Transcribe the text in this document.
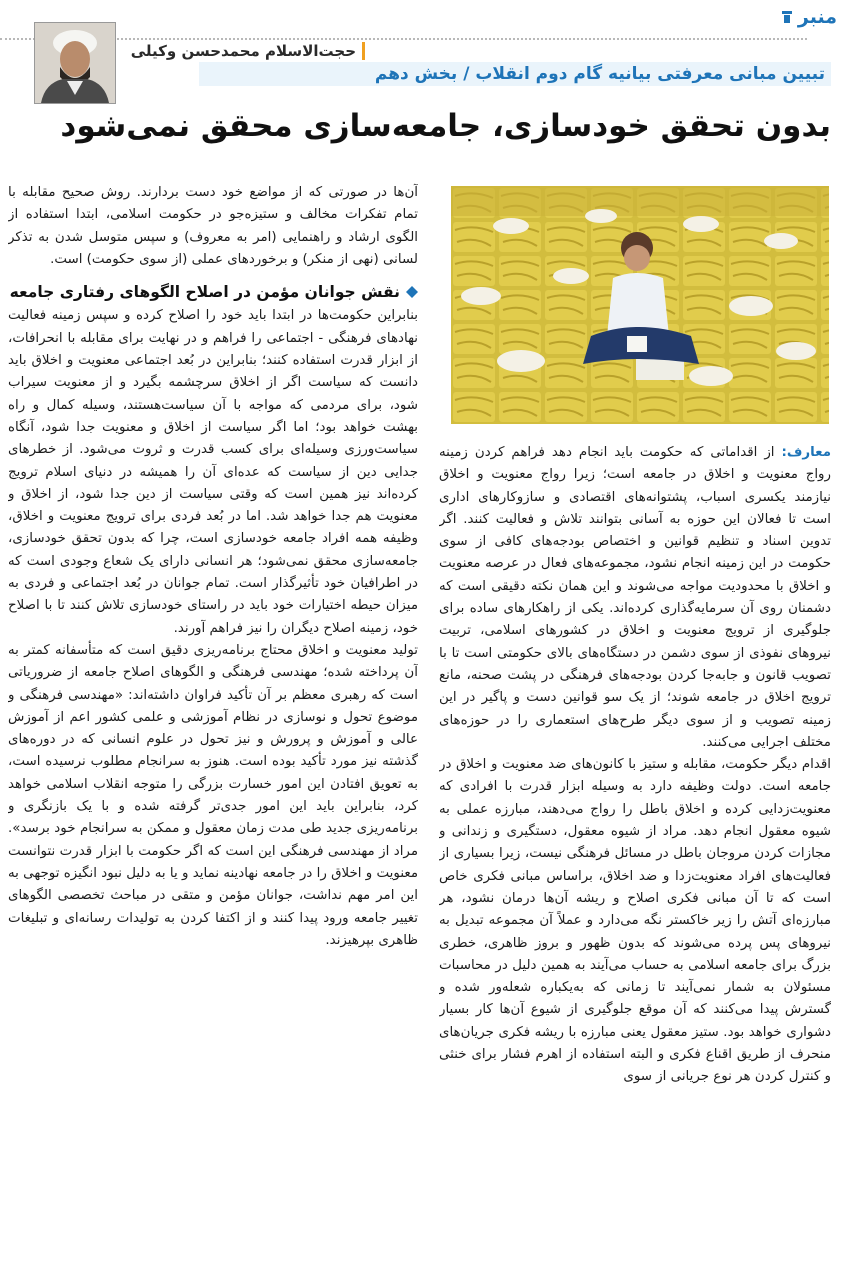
منبر
حجت‌الاسلام محمدحسن وکیلی
تبیین مبانی معرفتی بیانیه گام دوم انقلاب / بخش دهم
بدون تحقق خودسازی، جامعه‌سازی محقق نمی‌شود

معارف: از اقداماتی که حکومت باید انجام دهد فراهم کردن زمینه رواج معنویت و اخلاق در جامعه است؛ زیرا رواج معنویت و اخلاق نیازمند یکسری اسباب، پشتوانه‌های اقتصادی و سازوکارهای اداری است تا فعالان این حوزه به آسانی بتوانند تلاش و فعالیت کنند. اگر تدوین اسناد و تنظیم قوانین و اختصاص بودجه‌های کافی از سوی حکومت در این زمینه انجام نشود، مجموعه‌های فعال در عرصه معنویت و اخلاق با محدودیت مواجه می‌شوند و این همان نکته دقیقی است که دشمنان روی آن سرمایه‌گذاری کرده‌اند. یکی از راهکارهای ساده برای جلوگیری از ترویج معنویت و اخلاق در کشورهای اسلامی، تربیت نیروهای نفوذی از سوی دشمن در دستگاه‌های بالای حکومتی است تا با تصویب قانون و جابه‌جا کردن بودجه‌های فرهنگی در پشت صحنه، مانع ترویج اخلاق در جامعه شوند؛ از یک سو قوانین دست و پاگیر در این زمینه تصویب و از سوی دیگر طرح‌های استعماری را در حوزه‌های مختلف اجرایی می‌کنند.

اقدام دیگر حکومت، مقابله و ستیز با کانون‌های ضد معنویت و اخلاق در جامعه است. دولت وظیفه دارد به وسیله ابزار قدرت با افرادی که معنویت‌زدایی کرده و اخلاق باطل را رواج می‌دهند، مبارزه عملی به شیوه معقول انجام دهد. مراد از شیوه معقول، دستگیری و زندانی و مجازات کردن مروجان باطل در مسائل فرهنگی نیست، زیرا بسیاری از فعالیت‌های افراد معنویت‌زدا و ضد اخلاق، براساس مبانی فکری خاص است که تا آن مبانی فکری اصلاح و ریشه آن‌ها درمان نشود، هر مبارزه‌ای آتش را زیر خاکستر نگه می‌دارد و عملاً آن مجموعه تبدیل به نیروهای پس پرده می‌شوند که بدون ظهور و بروز ظاهری، خطری بزرگ برای جامعه اسلامی به حساب می‌آیند به همین دلیل در محاسبات مسئولان به شمار نمی‌آیند تا زمانی که به‌یکباره شعله‌ور شده و گسترش پیدا می‌کنند که آن موقع جلوگیری از شیوع آن‌ها کار بسیار دشواری خواهد بود. ستیز معقول یعنی مبارزه با ریشه فکری جریان‌های منحرف از طریق اقناع فکری و البته استفاده از اهرم فشار برای خنثی و کنترل کردن هر نوع جریانی از سوی

آن‌ها در صورتی که از مواضع خود دست بردارند. روش صحیح مقابله با تمام تفکرات مخالف و ستیزه‌جو در حکومت اسلامی، ابتدا استفاده از الگوی ارشاد و راهنمایی (امر به معروف) و سپس متوسل شدن به تذکر لسانی (نهی از منکر) و برخوردهای عملی (از سوی حکومت) است.

نقش جوانان مؤمن در اصلاح الگوهای رفتاری جامعه

بنابراین حکومت‌ها در ابتدا باید خود را اصلاح کرده و سپس زمینه فعالیت نهادهای فرهنگی - اجتماعی را فراهم و در نهایت برای مقابله با انحرافات، از ابزار قدرت استفاده کنند؛ بنابراین در بُعد اجتماعی معنویت و اخلاق باید دانست که سیاست اگر از اخلاق سرچشمه بگیرد و از معنویت سیراب شود، برای مردمی که مواجه با آن سیاست‌هستند، وسیله کمال و راه بهشت خواهد بود؛ اما اگر سیاست از اخلاق و معنویت جدا شود، آنگاه سیاست‌ورزی وسیله‌ای برای کسب قدرت و ثروت می‌شود. از خطرهای جدایی دین از سیاست که عده‌ای آن را همیشه در دنیای اسلام ترویج کرده‌اند نیز همین است که وقتی سیاست از دین جدا شود، از اخلاق و معنویت هم جدا خواهد شد. اما در بُعد فردی برای ترویج معنویت و اخلاق، وظیفه همه افراد جامعه خودسازی است، چرا که بدون تحقق خودسازی، جامعه‌سازی محقق نمی‌شود؛ هر انسانی دارای یک شعاع وجودی است که در اطرافیان خود تأثیرگذار است. تمام جوانان در بُعد اجتماعی و فردی به میزان حیطه اختیارات خود باید در راستای خودسازی تلاش کنند تا با اصلاح خود، زمینه اصلاح دیگران را نیز فراهم آورند.

تولید معنویت و اخلاق محتاج برنامه‌ریزی دقیق است که متأسفانه کمتر به آن پرداخته شده؛ مهندسی فرهنگی و الگوهای اصلاح جامعه از ضروریاتی است که رهبری معظم بر آن تأکید فراوان داشته‌اند: «مهندسی فرهنگی و موضوع تحول و نوسازی در نظام آموزشی و علمی کشور اعم از آموزش عالی و آموزش و پرورش و نیز تحول در علوم انسانی که در دوره‌های گذشته نیز مورد تأکید بوده است. هنوز به سرانجام مطلوب نرسیده است، به تعویق افتادن این امور خسارت بزرگی را متوجه انقلاب اسلامی خواهد کرد، بنابراین باید این امور جدی‌تر گرفته شده و با یک بازنگری و برنامه‌ریزی جدید طی مدت زمان معقول و ممکن به سرانجام خود برسد». مراد از مهندسی فرهنگی این است که اگر حکومت با ابزار قدرت نتوانست معنویت و اخلاق را در جامعه نهادینه نماید و یا به دلیل نبود انگیزه توجهی به این امر مهم نداشت، جوانان مؤمن و متقی در مباحث تخصصی الگوهای تغییر جامعه ورود پیدا کنند و از اکتفا کردن به تولیدات رسانه‌ای و تبلیغات ظاهری بپرهیزند.
